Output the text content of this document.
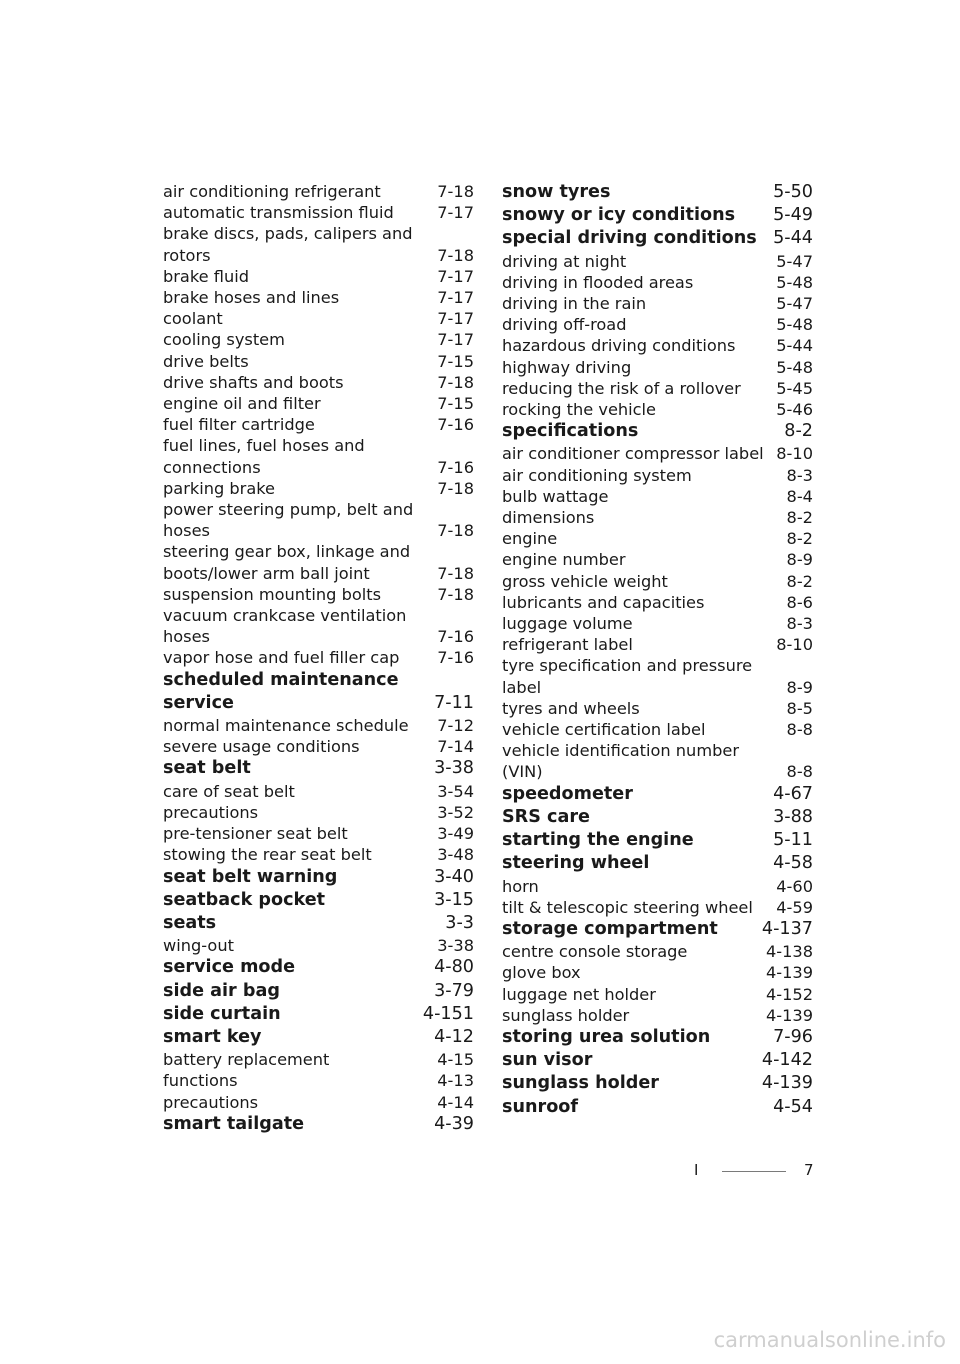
air conditioning refrigerant	7-18
automatic transmission fluid	7-17
brake discs, pads, calipers and rotors	7-18
brake fluid	7-17
brake hoses and lines	7-17
coolant	7-17
cooling system	7-17
drive belts	7-15
drive shafts and boots	7-18
engine oil and filter	7-15
fuel filter cartridge	7-16
fuel lines, fuel hoses and connections	7-16
parking brake	7-18
power steering pump, belt and hoses	7-18
steering gear box, linkage and boots/lower arm ball joint	7-18
suspension mounting bolts	7-18
vacuum crankcase ventilation hoses	7-16
vapor hose and fuel filler cap	7-16
scheduled maintenance service	7-11
normal maintenance schedule	7-12
severe usage conditions	7-14
seat belt	3-38
care of seat belt	3-54
precautions	3-52
pre-tensioner seat belt	3-49
stowing the rear seat belt	3-48
seat belt warning	3-40
seatback pocket	3-15
seats	3-3
wing-out	3-38
service mode	4-80
side air bag	3-79
side curtain	4-151
smart key	4-12
battery replacement	4-15
functions	4-13
precautions	4-14
smart tailgate	4-39
snow tyres	5-50
snowy or icy conditions	5-49
special driving conditions 5-44
driving at night	5-47
driving in flooded areas	5-48
driving in the rain	5-47
driving off-road	5-48
hazardous driving conditions	5-44
highway driving	5-48
reducing the risk of a rollover	5-45
rocking the vehicle	5-46
specifications	8-2
air conditioner compressor label 8-10
air conditioning system	8-3
bulb wattage	8-4
dimensions	8-2
engine	8-2
engine number	8-9
gross vehicle weight	8-2
lubricants and capacities	8-6
luggage volume	8-3
refrigerant label	8-10
tyre specification and pressure label	8-9
tyres and wheels	8-5
vehicle certification label	8-8
vehicle identification number (VIN)	8-8
speedometer	4-67
SRS care	3-88
starting the engine	5-11
steering wheel	4-58
horn	4-60
tilt & telescopic steering wheel	4-59
storage compartment	4-137
centre console storage	4-138
glove box	4-139
luggage net holder	4-152
sunglass holder	4-139
storing urea solution	7-96
sun visor	4-142
sunglass holder	4-139
sunroof	4-54
I	7
carmanualsonline.info
